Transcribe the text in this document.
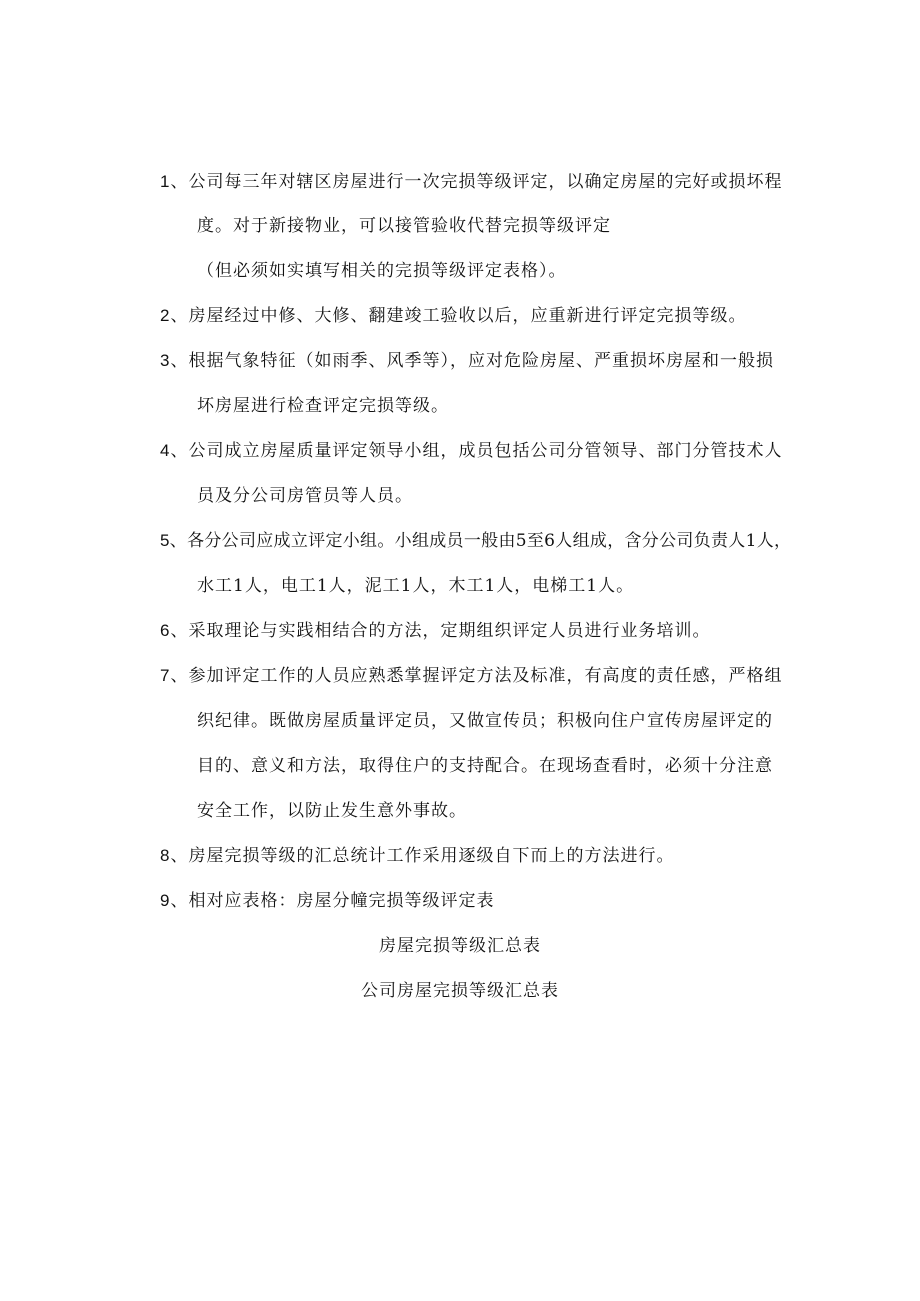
1、公司每三年对辖区房屋进行一次完损等级评定，以确定房屋的完好或损坏程
度。对于新接物业，可以接管验收代替完损等级评定
（但必须如实填写相关的完损等级评定表格）。
2、房屋经过中修、大修、翻建竣工验收以后，应重新进行评定完损等级。
3、根据气象特征（如雨季、风季等），应对危险房屋、严重损坏房屋和一般损
坏房屋进行检查评定完损等级。
4、公司成立房屋质量评定领导小组，成员包括公司分管领导、部门分管技术人
员及分公司房管员等人员。
5、各分公司应成立评定小组。小组成员一般由5至6人组成，含分公司负责人1人，
水工1人，电工1人，泥工1人，木工1人，电梯工1人。
6、采取理论与实践相结合的方法，定期组织评定人员进行业务培训。
7、参加评定工作的人员应熟悉掌握评定方法及标准，有高度的责任感，严格组
织纪律。既做房屋质量评定员，又做宣传员；积极向住户宣传房屋评定的
目的、意义和方法，取得住户的支持配合。在现场查看时，必须十分注意
安全工作，以防止发生意外事故。
8、房屋完损等级的汇总统计工作采用逐级自下而上的方法进行。
9、相对应表格：房屋分幢完损等级评定表
房屋完损等级汇总表
公司房屋完损等级汇总表
